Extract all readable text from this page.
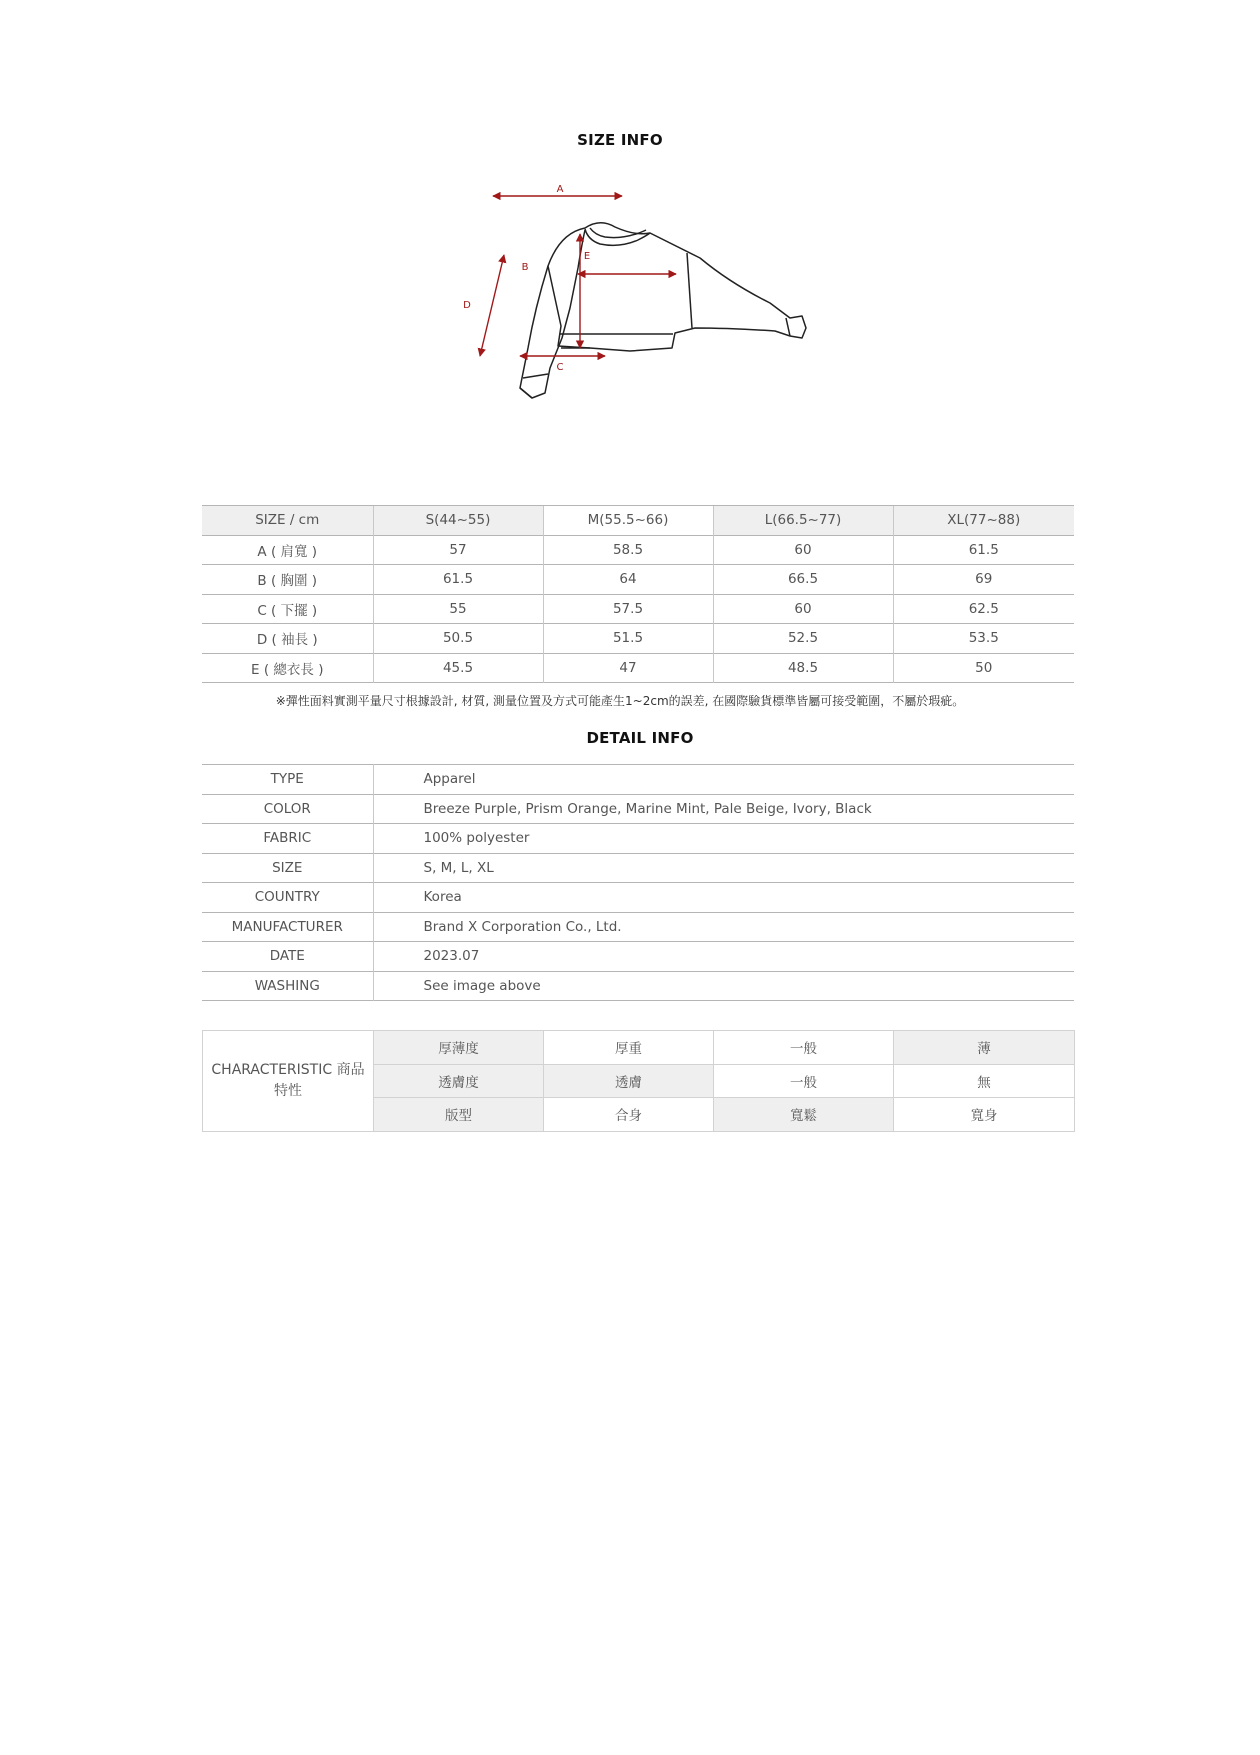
SIZE INFO
A
B
C
D
E
SIZE / cm	S(44~55)	M(55.5~66)	L(66.5~77)	XL(77~88)
A ( 肩寬 )	57	58.5	60	61.5
B ( 胸圍 )	61.5	64	66.5	69
C ( 下擺 )	55	57.5	60	62.5
D ( 袖長 )	50.5	51.5	52.5	53.5
E ( 總衣長 )	45.5	47	48.5	50
※彈性面料實測平量尺寸根據設計, 材質, 測量位置及方式可能產生1~2cm的誤差, 在國際驗貨標準皆屬可接受範圍，不屬於瑕疵。
DETAIL INFO
TYPE	Apparel
COLOR	Breeze Purple, Prism Orange, Marine Mint, Pale Beige, Ivory, Black
FABRIC	100% polyester
SIZE	S, M, L, XL
COUNTRY	Korea
MANUFACTURER	Brand X Corporation Co., Ltd.
DATE	2023.07
WASHING	See image above
CHARACTERISTIC 商品特性	厚薄度	厚重	一般	薄
	透膚度	透膚	一般	無
	版型	合身	寬鬆	寬身
